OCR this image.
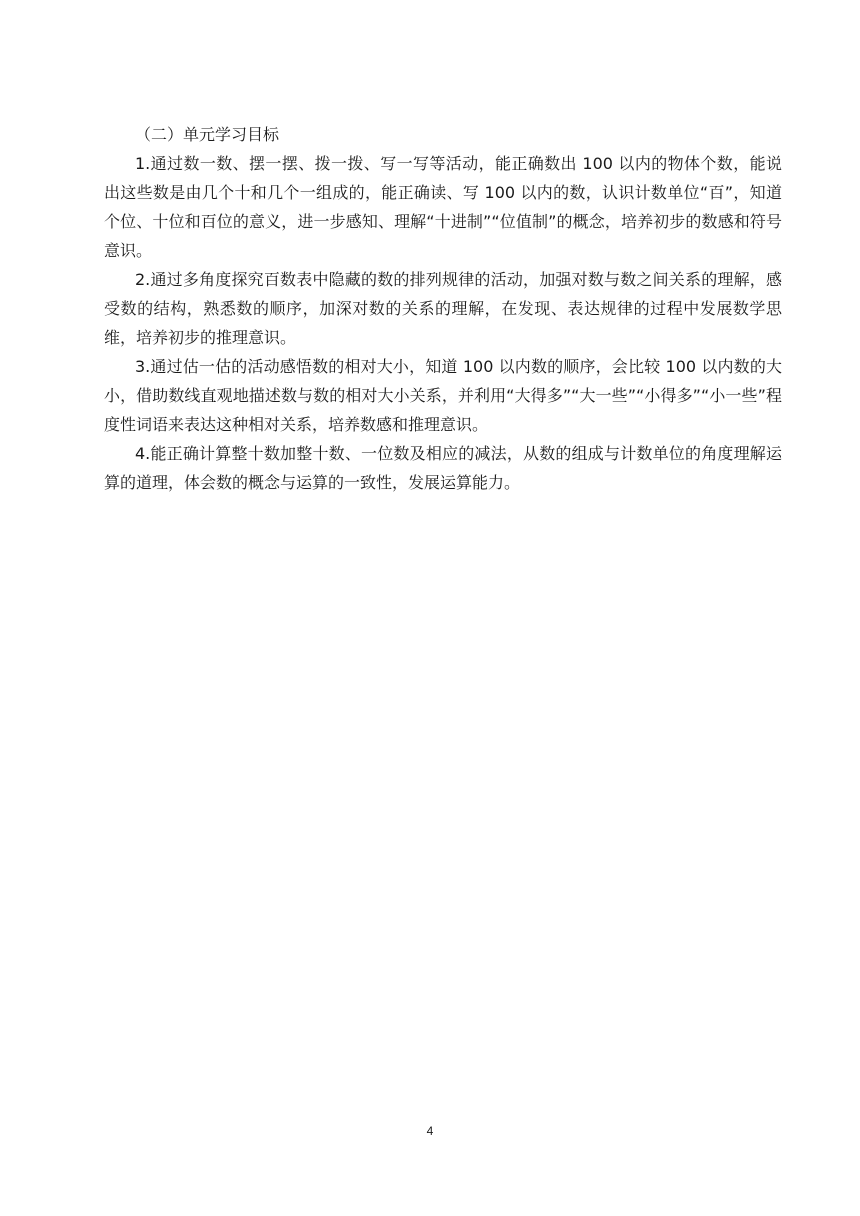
（二）单元学习目标

1.通过数一数、摆一摆、拨一拨、写一写等活动，能正确数出 100 以内的物体个数，能说出这些数是由几个十和几个一组成的，能正确读、写 100 以内的数，认识计数单位“百”，知道个位、十位和百位的意义，进一步感知、理解“十进制”“位值制”的概念，培养初步的数感和符号意识。

2.通过多角度探究百数表中隐藏的数的排列规律的活动，加强对数与数之间关系的理解，感受数的结构，熟悉数的顺序，加深对数的关系的理解，在发现、表达规律的过程中发展数学思维，培养初步的推理意识。

3.通过估一估的活动感悟数的相对大小，知道 100 以内数的顺序，会比较 100 以内数的大小，借助数线直观地描述数与数的相对大小关系，并利用“大得多”“大一些”“小得多”“小一些”程度性词语来表达这种相对关系，培养数感和推理意识。

4.能正确计算整十数加整十数、一位数及相应的减法，从数的组成与计数单位的角度理解运算的道理，体会数的概念与运算的一致性，发展运算能力。

4
